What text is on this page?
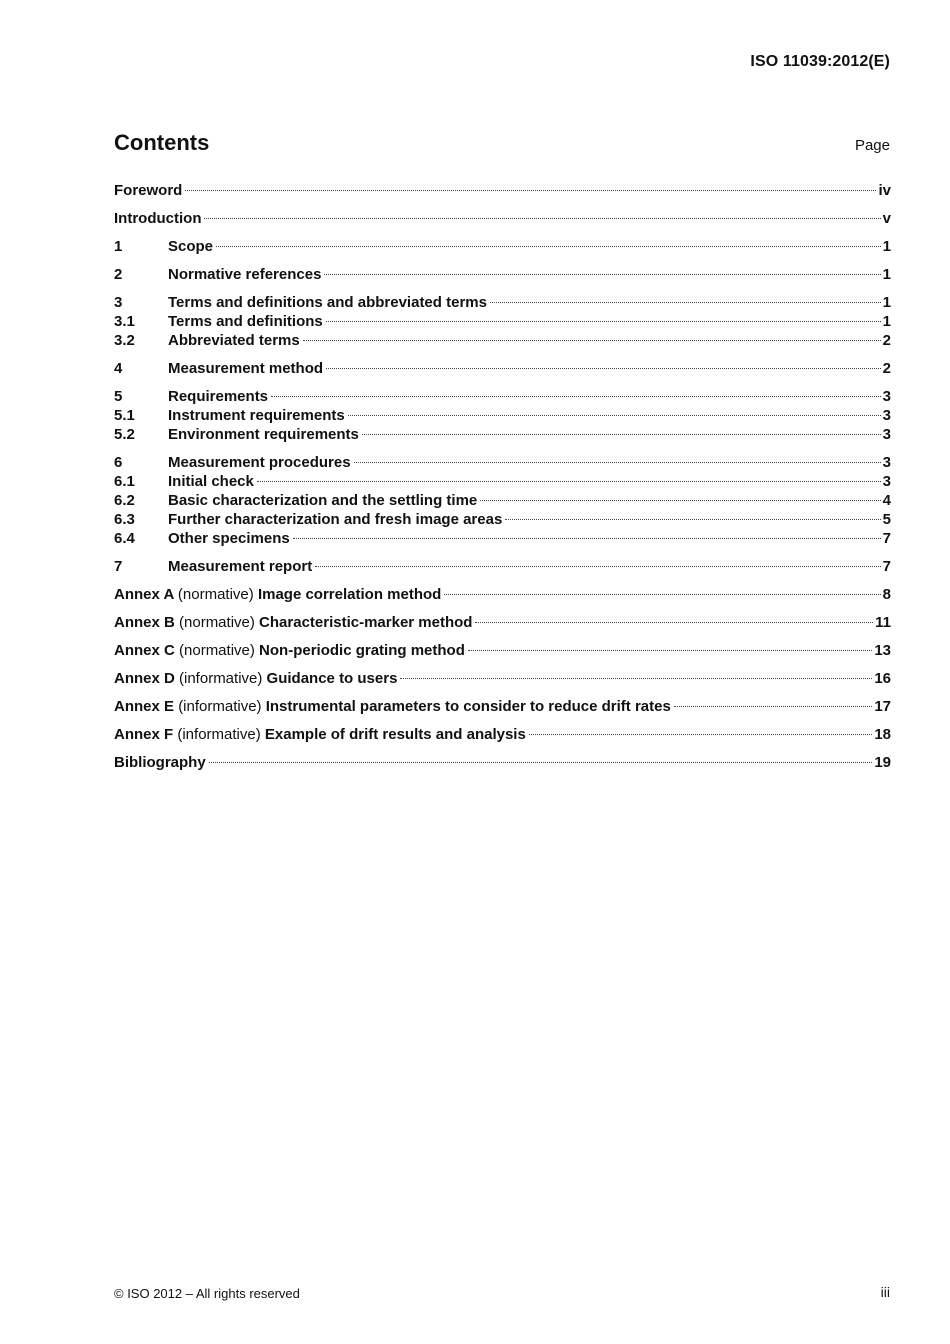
ISO 11039:2012(E)
Contents	Page
Foreword	iv
Introduction	v
1	Scope	1
2	Normative references	1
3	Terms and definitions and abbreviated terms	1
3.1	Terms and definitions	1
3.2	Abbreviated terms	2
4	Measurement method	2
5	Requirements	3
5.1	Instrument requirements	3
5.2	Environment requirements	3
6	Measurement procedures	3
6.1	Initial check	3
6.2	Basic characterization and the settling time	4
6.3	Further characterization and fresh image areas	5
6.4	Other specimens	7
7	Measurement report	7
Annex A (normative) Image correlation method	8
Annex B (normative) Characteristic-marker method	11
Annex C (normative) Non-periodic grating method	13
Annex D (informative) Guidance to users	16
Annex E (informative) Instrumental parameters to consider to reduce drift rates	17
Annex F (informative) Example of drift results and analysis	18
Bibliography	19
© ISO 2012 – All rights reserved	iii
